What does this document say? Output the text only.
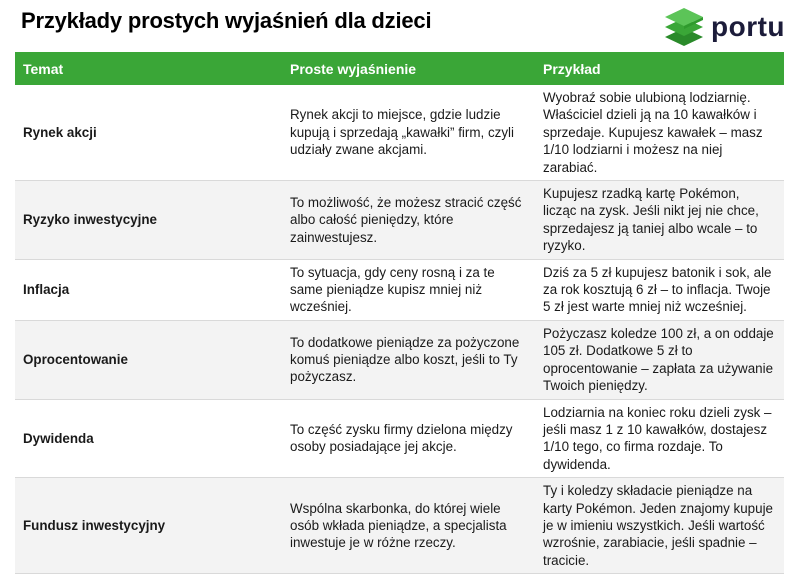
Przykłady prostych wyjaśnień dla dzieci	portu
Temat	Proste wyjaśnienie	Przykład
Rynek akcji	Rynek akcji to miejsce, gdzie ludzie kupują i sprzedają „kawałki” firm, czyli udziały zwane akcjami.	Wyobraź sobie ulubioną lodziarnię. Właściciel dzieli ją na 10 kawałków i sprzedaje. Kupujesz kawałek – masz 1/10 lodziarni i możesz na niej zarabiać.
Ryzyko inwestycyjne	To możliwość, że możesz stracić część albo całość pieniędzy, które zainwestujesz.	Kupujesz rzadką kartę Pokémon, licząc na zysk. Jeśli nikt jej nie chce, sprzedajesz ją taniej albo wcale – to ryzyko.
Inflacja	To sytuacja, gdy ceny rosną i za te same pieniądze kupisz mniej niż wcześniej.	Dziś za 5 zł kupujesz batonik i sok, ale za rok kosztują 6 zł – to inflacja. Twoje 5 zł jest warte mniej niż wcześniej.
Oprocentowanie	To dodatkowe pieniądze za pożyczone komuś pieniądze albo koszt, jeśli to Ty pożyczasz.	Pożyczasz koledze 100 zł, a on oddaje 105 zł. Dodatkowe 5 zł to oprocentowanie – zapłata za używanie Twoich pieniędzy.
Dywidenda	To część zysku firmy dzielona między osoby posiadające jej akcje.	Lodziarnia na koniec roku dzieli zysk – jeśli masz 1 z 10 kawałków, dostajesz 1/10 tego, co firma rozdaje. To dywidenda.
Fundusz inwestycyjny	Wspólna skarbonka, do której wiele osób wkłada pieniądze, a specjalista inwestuje je w różne rzeczy.	Ty i koledzy składacie pieniądze na karty Pokémon. Jeden znajomy kupuje je w imieniu wszystkich. Jeśli wartość wzrośnie, zarabiacie, jeśli spadnie – tracicie.
